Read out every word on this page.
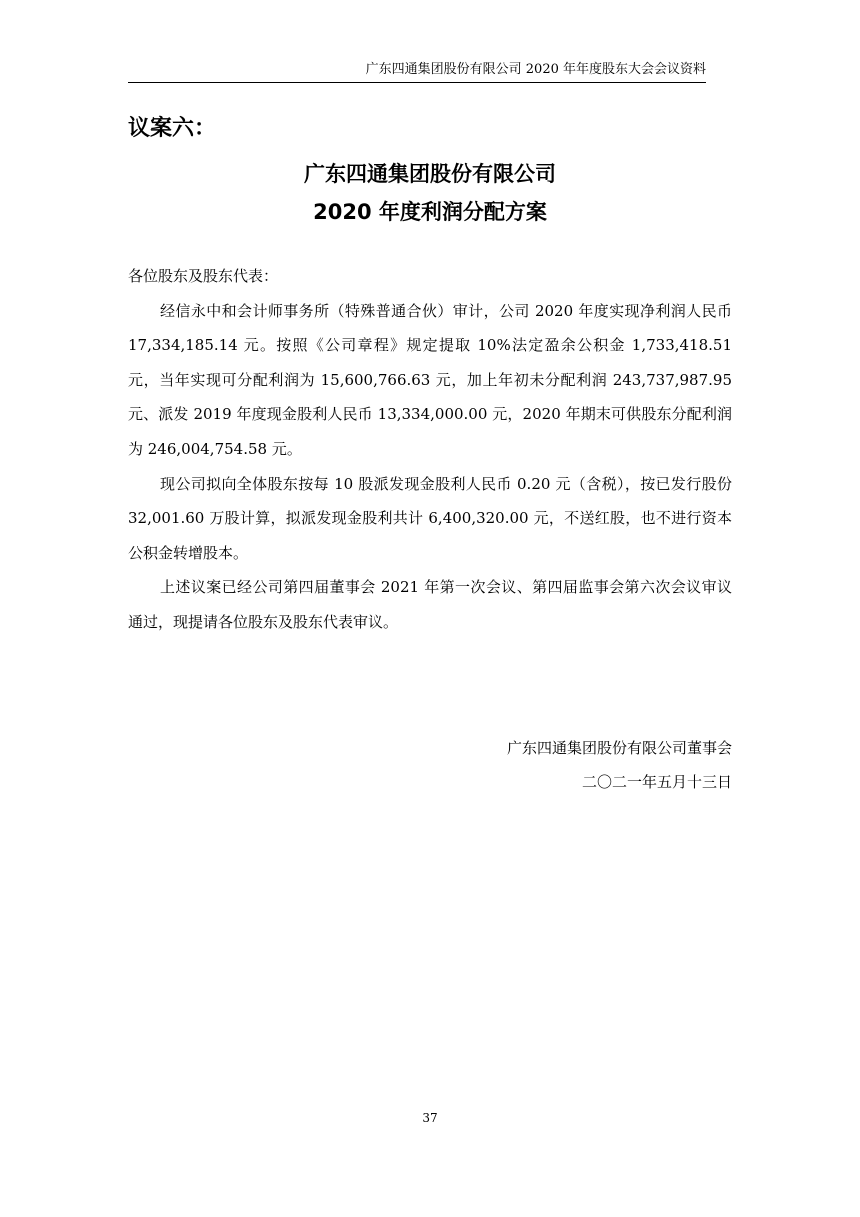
广东四通集团股份有限公司 2020 年年度股东大会会议资料
议案六：
广东四通集团股份有限公司
2020 年度利润分配方案

各位股东及股东代表：

经信永中和会计师事务所（特殊普通合伙）审计，公司 2020 年度实现净利润人民币 17,334,185.14 元。按照《公司章程》规定提取 10%法定盈余公积金 1,733,418.51 元，当年实现可分配利润为 15,600,766.63 元，加上年初未分配利润 243,737,987.95 元、派发 2019 年度现金股利人民币 13,334,000.00 元，2020 年期末可供股东分配利润为 246,004,754.58 元。

现公司拟向全体股东按每 10 股派发现金股利人民币 0.20 元（含税），按已发行股份 32,001.60 万股计算，拟派发现金股利共计 6,400,320.00 元，不送红股，也不进行资本公积金转增股本。

上述议案已经公司第四届董事会 2021 年第一次会议、第四届监事会第六次会议审议通过，现提请各位股东及股东代表审议。

广东四通集团股份有限公司董事会
二〇二一年五月十三日
37
